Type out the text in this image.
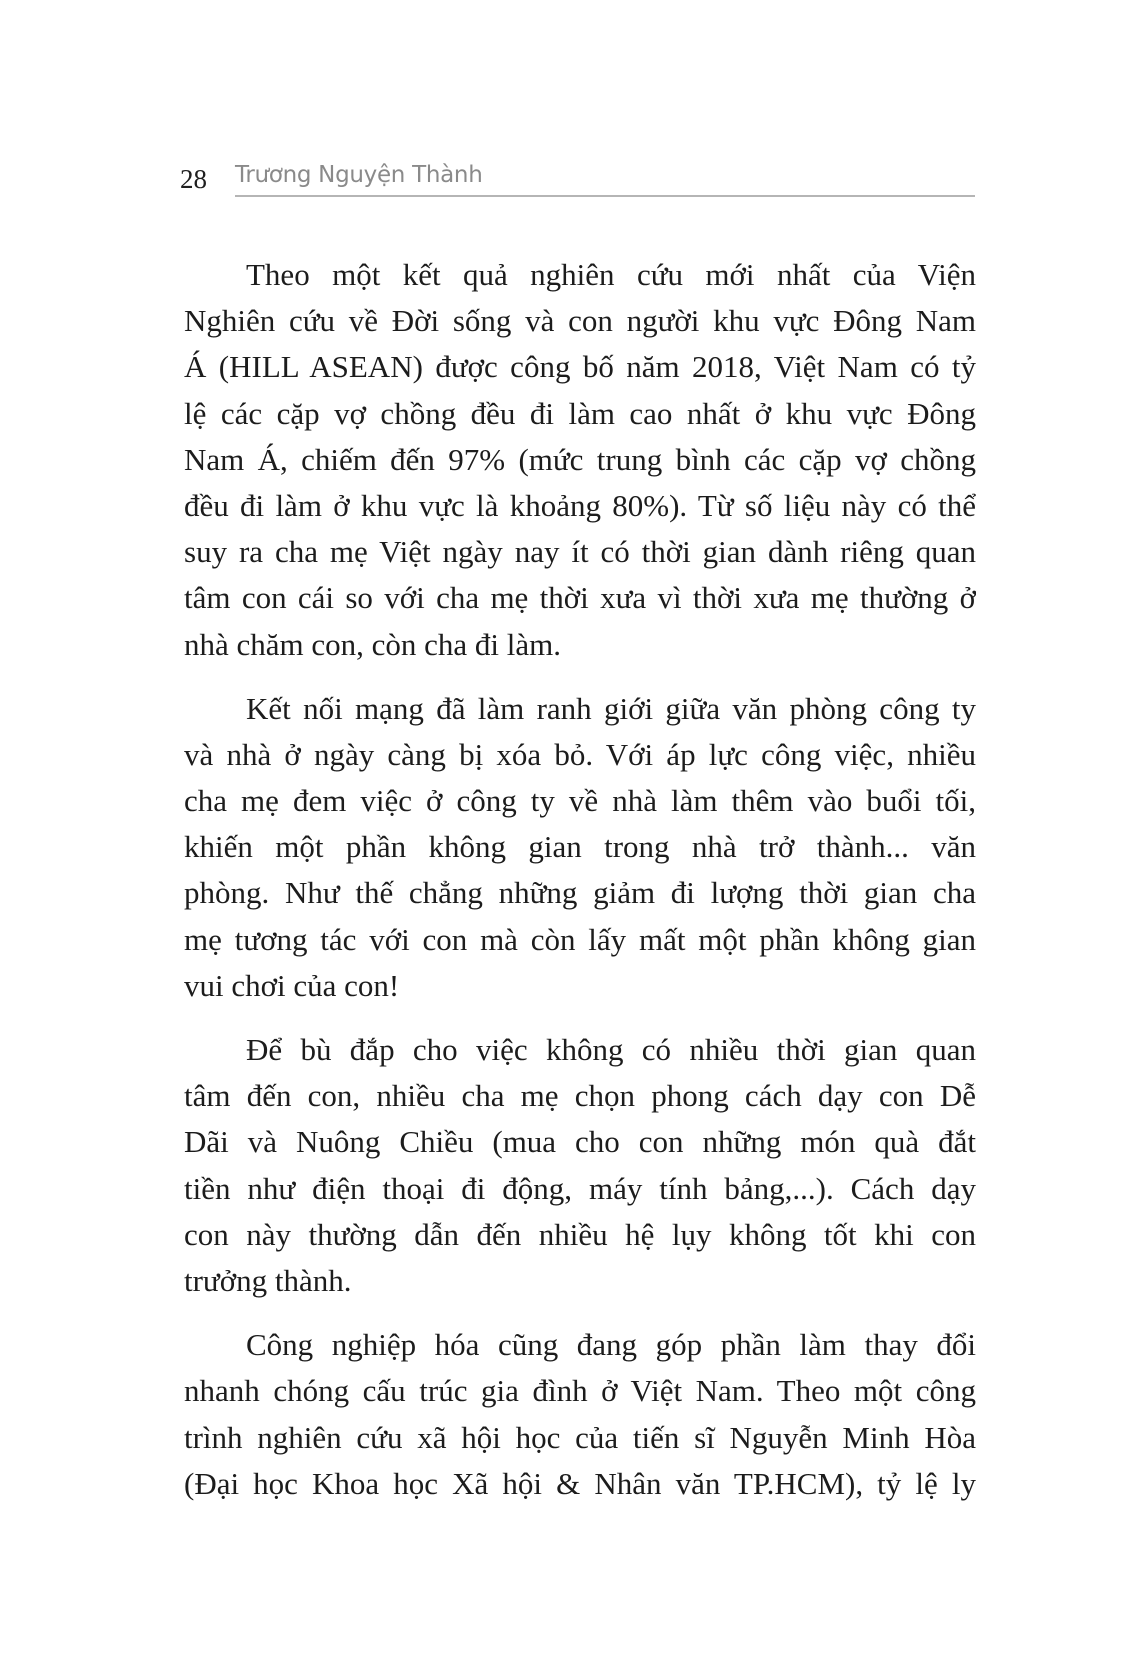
28 Trương Nguyện Thành

Theo một kết quả nghiên cứu mới nhất của Viện
Nghiên cứu về Đời sống và con người khu vực Đông Nam
Á (HILL ASEAN) được công bố năm 2018, Việt Nam có tỷ
lệ các cặp vợ chồng đều đi làm cao nhất ở khu vực Đông
Nam Á, chiếm đến 97% (mức trung bình các cặp vợ chồng
đều đi làm ở khu vực là khoảng 80%). Từ số liệu này có thể
suy ra cha mẹ Việt ngày nay ít có thời gian dành riêng quan
tâm con cái so với cha mẹ thời xưa vì thời xưa mẹ thường ở
nhà chăm con, còn cha đi làm.

Kết nối mạng đã làm ranh giới giữa văn phòng công ty
và nhà ở ngày càng bị xóa bỏ. Với áp lực công việc, nhiều
cha mẹ đem việc ở công ty về nhà làm thêm vào buổi tối,
khiến một phần không gian trong nhà trở thành... văn
phòng. Như thế chẳng những giảm đi lượng thời gian cha
mẹ tương tác với con mà còn lấy mất một phần không gian
vui chơi của con!

Để bù đắp cho việc không có nhiều thời gian quan
tâm đến con, nhiều cha mẹ chọn phong cách dạy con Dễ
Dãi và Nuông Chiều (mua cho con những món quà đắt
tiền như điện thoại đi động, máy tính bảng,...). Cách dạy
con này thường dẫn đến nhiều hệ lụy không tốt khi con
trưởng thành.

Công nghiệp hóa cũng đang góp phần làm thay đổi
nhanh chóng cấu trúc gia đình ở Việt Nam. Theo một công
trình nghiên cứu xã hội học của tiến sĩ Nguyễn Minh Hòa
(Đại học Khoa học Xã hội & Nhân văn TP.HCM), tỷ lệ ly
